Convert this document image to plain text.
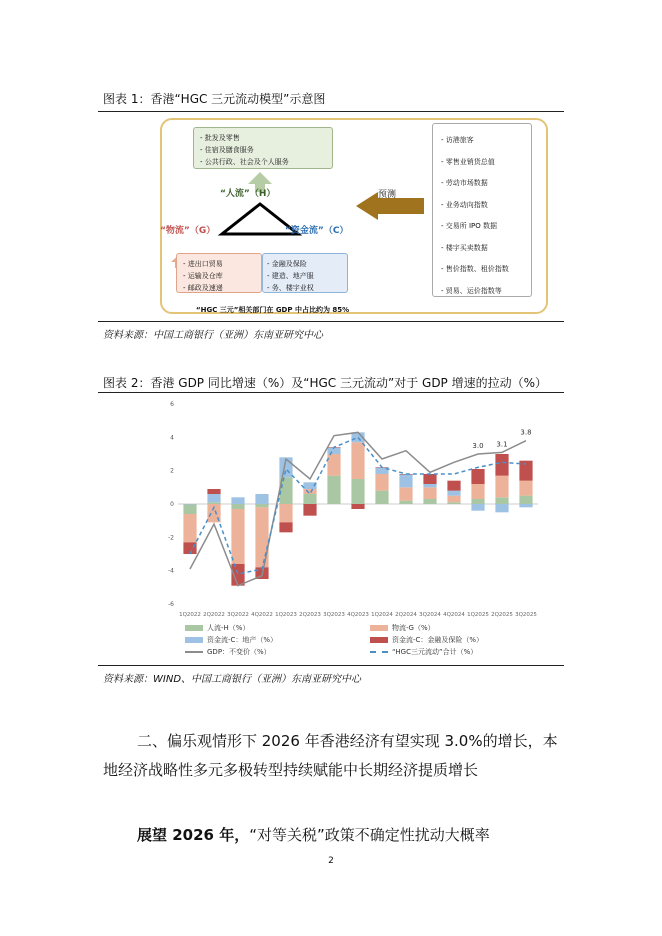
图表 1：香港“HGC 三元流动模型”示意图
- 批发及零售
- 住宿及膳食服务
- 公共行政、社会及个人服务
“人流”（H）
“物流”（G）	“资金流”（C）
- 进出口贸易
- 运输及仓库
- 邮政及速递
- 金融及保险
- 建造、地产服
- 务、楼宇业权
“HGC 三元”相关部门在 GDP 中占比约为 85%
预测
- 访港旅客
- 零售业销货总值
- 劳动市场数据
- 业务动向指数
- 交易所 IPO 数据
- 楼宇买卖数据
- 售价指数、租价指数
- 贸易、运价指数等
资料来源：中国工商银行（亚洲）东南亚研究中心
图表 2：香港 GDP 同比增速（%）及“HGC 三元流动”对于 GDP 增速的拉动（%）
-6
-4
-2
0
2
4
6
3.0 3.1
3.8
1Q2022 2Q2022 3Q2022 4Q2022 1Q2023 2Q2023 3Q2023 4Q2023 1Q2024 2Q2024 3Q2024 4Q2024 1Q2025 2Q2025 3Q2025
人流-H（%）	物流-G（%）
资金流-C：地产（%）	资金流-C：金融及保险（%）
GDP：不变价（%）	“HGC三元流动”合计（%）
资料来源：WIND、中国工商银行（亚洲）东南亚研究中心
二、偏乐观情形下 2026 年香港经济有望实现 3.0%的增长，本地经济战略性多元多极转型持续赋能中长期经济提质增长
展望 2026 年，“对等关税”政策不确定性扰动大概率
2
